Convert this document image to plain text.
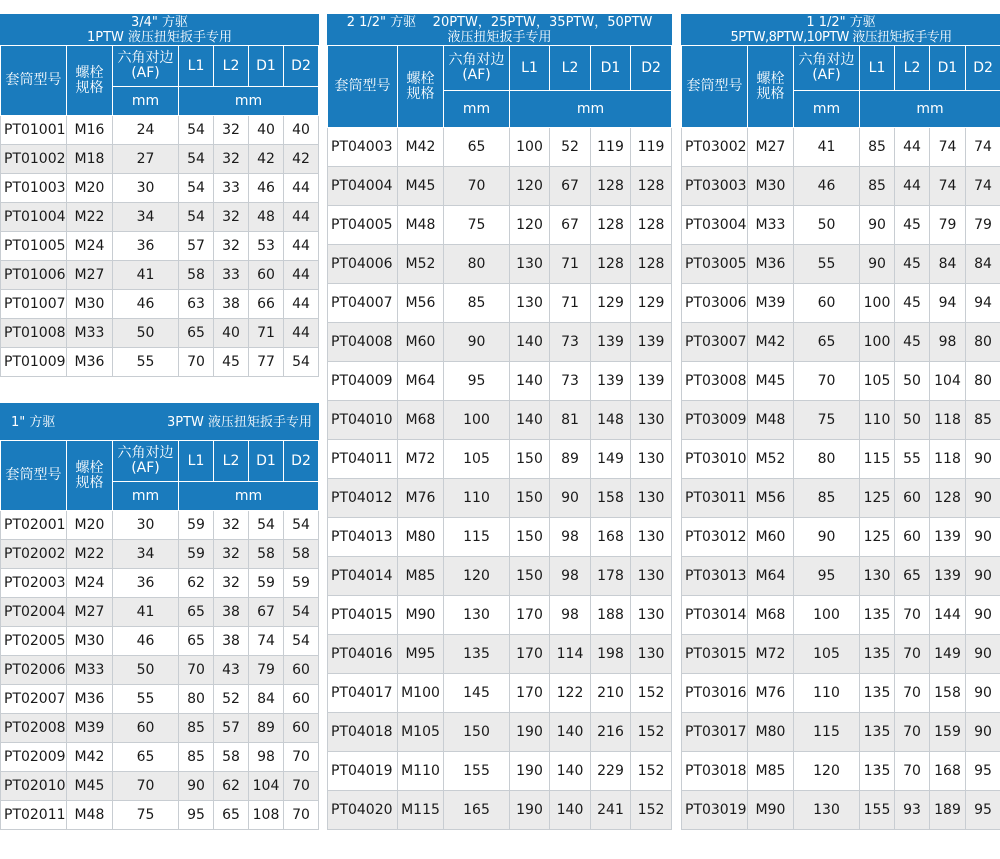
3/4" 方驱
1PTW 液压扭矩扳手专用						
套筒型号	螺栓
规格	六角对边
(AF)	L1	L2	D1	D2
		mm	mm			
PT01001	M16	24	54	32	40	40
PT01002	M18	27	54	32	42	42
PT01003	M20	30	54	33	46	44
PT01004	M22	34	54	32	48	44
PT01005	M24	36	57	32	53	44
PT01006	M27	41	58	33	60	44
PT01007	M30	46	63	38	66	44
PT01008	M33	50	65	40	71	44
PT01009	M36	55	70	45	77	54
1" 方驱 3PTW 液压扭矩扳手专用						

套筒型号	螺栓
规格	六角对边
(AF)	L1	L2	D1	D2
		mm	mm			
PT02001	M20	30	59	32	54	54
PT02002	M22	34	59	32	58	58
PT02003	M24	36	62	32	59	59
PT02004	M27	41	65	38	67	54
PT02005	M30	46	65	38	74	54
PT02006	M33	50	70	43	79	60
PT02007	M36	55	80	52	84	60
PT02008	M39	60	85	57	89	60
PT02009	M42	65	85	58	98	70
PT02010	M45	70	90	62	104	70
PT02011	M48	75	95	65	108	70
2 1/2" 方驱    20PTW，25PTW，35PTW，50PTW
液压扭矩扳手专用						
套筒型号	螺栓
规格	六角对边
(AF)	L1	L2	D1	D2
		mm	mm			
PT04003	M42	65	100	52	119	119
PT04004	M45	70	120	67	128	128
PT04005	M48	75	120	67	128	128
PT04006	M52	80	130	71	128	128
PT04007	M56	85	130	71	129	129
PT04008	M60	90	140	73	139	139
PT04009	M64	95	140	73	139	139
PT04010	M68	100	140	81	148	130
PT04011	M72	105	150	89	149	130
PT04012	M76	110	150	90	158	130
PT04013	M80	115	150	98	168	130
PT04014	M85	120	150	98	178	130
PT04015	M90	130	170	98	188	130
PT04016	M95	135	170	114	198	130
PT04017	M100	145	170	122	210	152
PT04018	M105	150	190	140	216	152
PT04019	M110	155	190	140	229	152
PT04020	M115	165	190	140	241	152
1 1/2" 方驱
5PTW,8PTW,10PTW 液压扭矩扳手专用						
套筒型号	螺栓
规格	六角对边
(AF)	L1	L2	D1	D2
		mm	mm			
PT03002	M27	41	85	44	74	74
PT03003	M30	46	85	44	74	74
PT03004	M33	50	90	45	79	79
PT03005	M36	55	90	45	84	84
PT03006	M39	60	100	45	94	94
PT03007	M42	65	100	45	98	80
PT03008	M45	70	105	50	104	80
PT03009	M48	75	110	50	118	85
PT03010	M52	80	115	55	118	90
PT03011	M56	85	125	60	128	90
PT03012	M60	90	125	60	139	90
PT03013	M64	95	130	65	139	90
PT03014	M68	100	135	70	144	90
PT03015	M72	105	135	70	149	90
PT03016	M76	110	135	70	158	90
PT03017	M80	115	135	70	159	90
PT03018	M85	120	135	70	168	95
PT03019	M90	130	155	93	189	95
